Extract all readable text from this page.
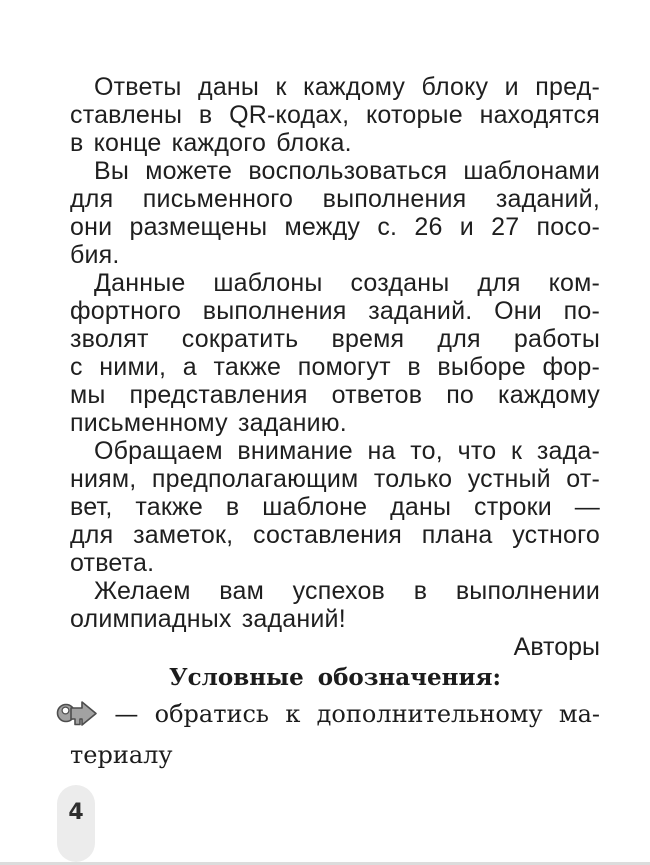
Ответы даны к каждому блоку и пред-
ставлены в QR-кодах, которые находятся
в конце каждого блока.
Вы можете воспользоваться шаблонами
для письменного выполнения заданий,
они размещены между с. 26 и 27 посо-
бия.
Данные шаблоны созданы для ком-
фортного выполнения заданий. Они по-
зволят сократить время для работы
с ними, а также помогут в выборе фор-
мы представления ответов по каждому
письменному заданию.
Обращаем внимание на то, что к зада-
ниям, предполагающим только устный от-
вет, также в шаблоне даны строки —
для заметок, составления плана устного
ответа.
Желаем вам успехов в выполнении
олимпиадных заданий!
Авторы
Условные обозначения:
— обратись к дополнительному ма-
териалу
4
